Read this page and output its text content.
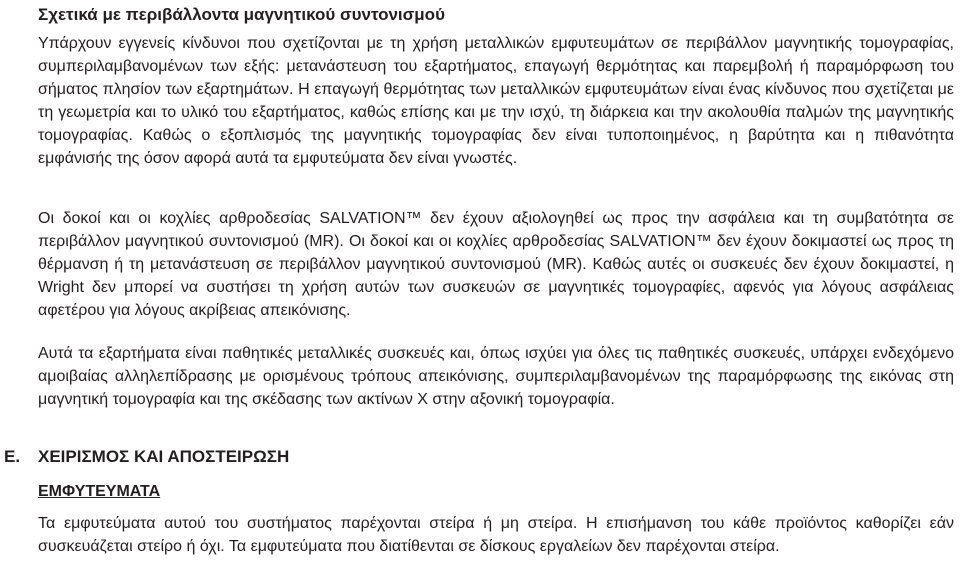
Σχετικά με περιβάλλοντα μαγνητικού συντονισμού

Υπάρχουν εγγενείς κίνδυνοι που σχετίζονται με τη χρήση μεταλλικών εμφυτευμάτων σε περιβάλλον μαγνητικής τομογραφίας, συμπεριλαμβανομένων των εξής: μετανάστευση του εξαρτήματος, επαγωγή θερμότητας και παρεμβολή ή παραμόρφωση του σήματος πλησίον των εξαρτημάτων. Η επαγωγή θερμότητας των μεταλλικών εμφυτευμάτων είναι ένας κίνδυνος που σχετίζεται με τη γεωμετρία και το υλικό του εξαρτήματος, καθώς επίσης και με την ισχύ, τη διάρκεια και την ακολουθία παλμών της μαγνητικής τομογραφίας. Καθώς ο εξοπλισμός της μαγνητικής τομογραφίας δεν είναι τυποποιημένος, η βαρύτητα και η πιθανότητα εμφάνισής της όσον αφορά αυτά τα εμφυτεύματα δεν είναι γνωστές.

Οι δοκοί και οι κοχλίες αρθροδεσίας SALVATION™ δεν έχουν αξιολογηθεί ως προς την ασφάλεια και τη συμβατότητα σε περιβάλλον μαγνητικού συντονισμού (MR). Οι δοκοί και οι κοχλίες αρθροδεσίας SALVATION™ δεν έχουν δοκιμαστεί ως προς τη θέρμανση ή τη μετανάστευση σε περιβάλλον μαγνητικού συντονισμού (MR). Καθώς αυτές οι συσκευές δεν έχουν δοκιμαστεί, η Wright δεν μπορεί να συστήσει τη χρήση αυτών των συσκευών σε μαγνητικές τομογραφίες, αφενός για λόγους ασφάλειας αφετέρου για λόγους ακρίβειας απεικόνισης.

Αυτά τα εξαρτήματα είναι παθητικές μεταλλικές συσκευές και, όπως ισχύει για όλες τις παθητικές συσκευές, υπάρχει ενδεχόμενο αμοιβαίας αλληλεπίδρασης με ορισμένους τρόπους απεικόνισης, συμπεριλαμβανομένων της παραμόρφωσης της εικόνας στη μαγνητική τομογραφία και της σκέδασης των ακτίνων X στην αξονική τομογραφία.

E. ΧΕΙΡΙΣΜΟΣ ΚΑΙ ΑΠΟΣΤΕΙΡΩΣΗ
ΕΜΦΥΤΕΥΜΑΤΑ

Τα εμφυτεύματα αυτού του συστήματος παρέχονται στείρα ή μη στείρα. Η επισήμανση του κάθε προϊόντος καθορίζει εάν συσκευάζεται στείρο ή όχι. Τα εμφυτεύματα που διατίθενται σε δίσκους εργαλείων δεν παρέχονται στείρα.
